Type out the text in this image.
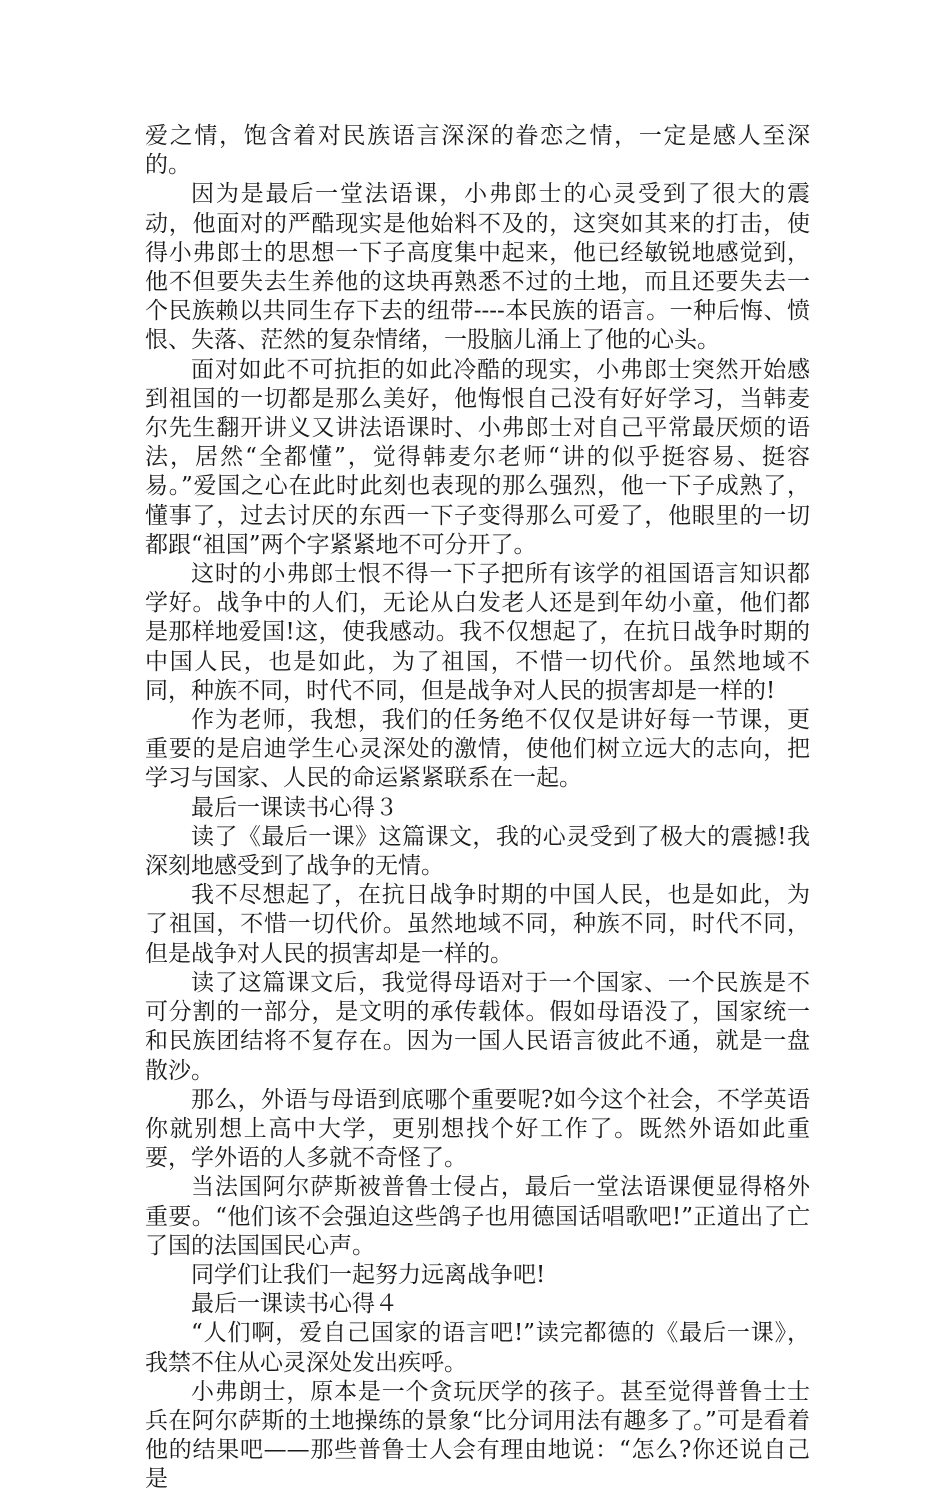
爱之情，饱含着对民族语言深深的眷恋之情，一定是感人至深的。

因为是最后一堂法语课，小弗郎士的心灵受到了很大的震动，他面对的严酷现实是他始料不及的，这突如其来的打击，使得小弗郎士的思想一下子高度集中起来，他已经敏锐地感觉到，他不但要失去生养他的这块再熟悉不过的土地，而且还要失去一个民族赖以共同生存下去的纽带----本民族的语言。一种后悔、愤恨、失落、茫然的复杂情绪，一股脑儿涌上了他的心头。

面对如此不可抗拒的如此冷酷的现实，小弗郎士突然开始感到祖国的一切都是那么美好，他悔恨自己没有好好学习，当韩麦尔先生翻开讲义又讲法语课时、小弗郎士对自己平常最厌烦的语法，居然“全都懂”，觉得韩麦尔老师“讲的似乎挺容易、挺容易。”爱国之心在此时此刻也表现的那么强烈，他一下子成熟了，懂事了，过去讨厌的东西一下子变得那么可爱了，他眼里的一切都跟“祖国”两个字紧紧地不可分开了。

这时的小弗郎士恨不得一下子把所有该学的祖国语言知识都学好。战争中的人们，无论从白发老人还是到年幼小童，他们都是那样地爱国!这，使我感动。我不仅想起了，在抗日战争时期的中国人民，也是如此，为了祖国，不惜一切代价。虽然地域不同，种族不同，时代不同，但是战争对人民的损害却是一样的!

作为老师，我想，我们的任务绝不仅仅是讲好每一节课，更重要的是启迪学生心灵深处的激情，使他们树立远大的志向，把学习与国家、人民的命运紧紧联系在一起。

最后一课读书心得３

读了《最后一课》这篇课文，我的心灵受到了极大的震撼!我深刻地感受到了战争的无情。

我不尽想起了，在抗日战争时期的中国人民，也是如此，为了祖国，不惜一切代价。虽然地域不同，种族不同，时代不同，但是战争对人民的损害却是一样的。

读了这篇课文后，我觉得母语对于一个国家、一个民族是不可分割的一部分，是文明的承传载体。假如母语没了，国家统一和民族团结将不复存在。因为一国人民语言彼此不通，就是一盘散沙。

那么，外语与母语到底哪个重要呢?如今这个社会，不学英语你就别想上高中大学，更别想找个好工作了。既然外语如此重要，学外语的人多就不奇怪了。

当法国阿尔萨斯被普鲁士侵占，最后一堂法语课便显得格外重要。“他们该不会强迫这些鸽子也用德国话唱歌吧!”正道出了亡了国的法国国民心声。

同学们让我们一起努力远离战争吧!

最后一课读书心得４

“人们啊，爱自己国家的语言吧!”读完都德的《最后一课》，我禁不住从心灵深处发出疾呼。

小弗朗士，原本是一个贪玩厌学的孩子。甚至觉得普鲁士士兵在阿尔萨斯的土地操练的景象“比分词用法有趣多了。”可是看着他的结果吧——那些普鲁士人会有理由地说：“怎么?你还说自己是
